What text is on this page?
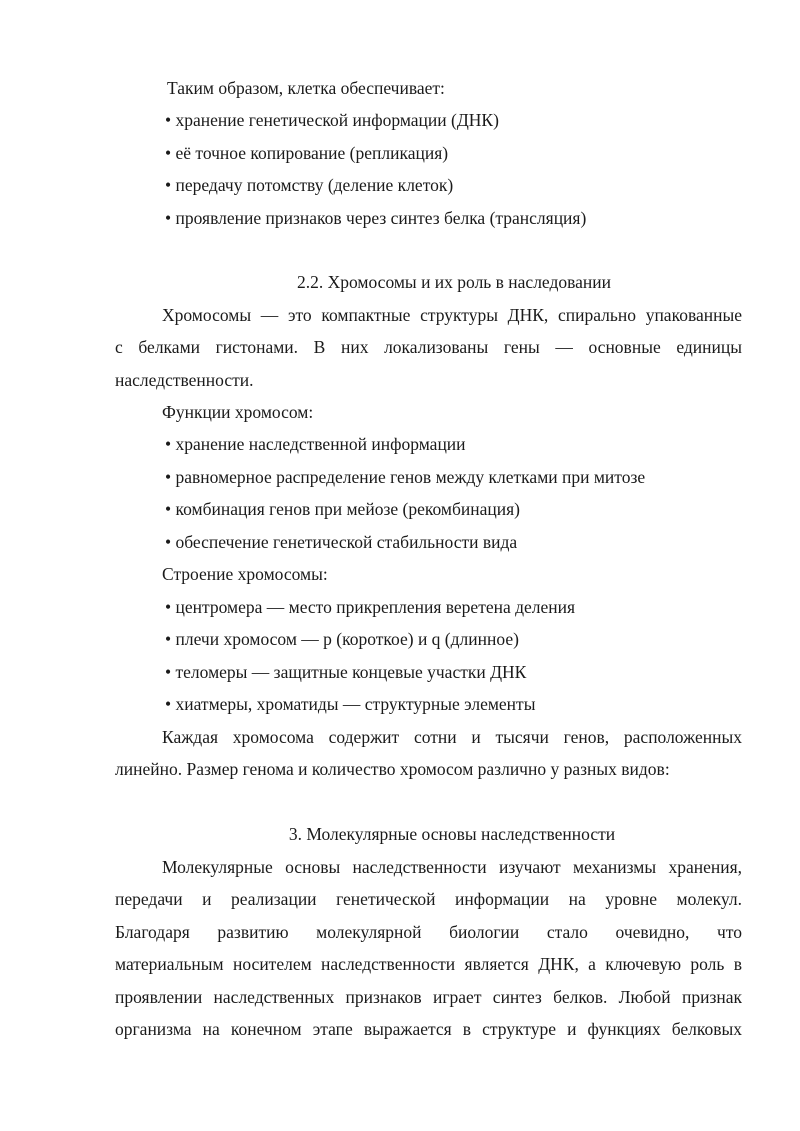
Таким образом, клетка обеспечивает:
• хранение генетической информации (ДНК)
• её точное копирование (репликация)
• передачу потомству (деление клеток)
• проявление признаков через синтез белка (трансляция)
2.2. Хромосомы и их роль в наследовании
Хромосомы — это компактные структуры ДНК, спирально упакованные
с белками гистонами. В них локализованы гены — основные единицы
наследственности.
Функции хромосом:
• хранение наследственной информации
• равномерное распределение генов между клетками при митозе
• комбинация генов при мейозе (рекомбинация)
• обеспечение генетической стабильности вида
Строение хромосомы:
• центромера — место прикрепления веретена деления
• плечи хромосом — p (короткое) и q (длинное)
• теломеры — защитные концевые участки ДНК
• хиатмеры, хроматиды — структурные элементы
Каждая хромосома содержит сотни и тысячи генов, расположенных
линейно. Размер генома и количество хромосом различно у разных видов:
3. Молекулярные основы наследственности
Молекулярные основы наследственности изучают механизмы хранения,
передачи и реализации генетической информации на уровне молекул.
Благодаря развитию молекулярной биологии стало очевидно, что
материальным носителем наследственности является ДНК, а ключевую роль в
проявлении наследственных признаков играет синтез белков. Любой признак
организма на конечном этапе выражается в структуре и функциях белковых
